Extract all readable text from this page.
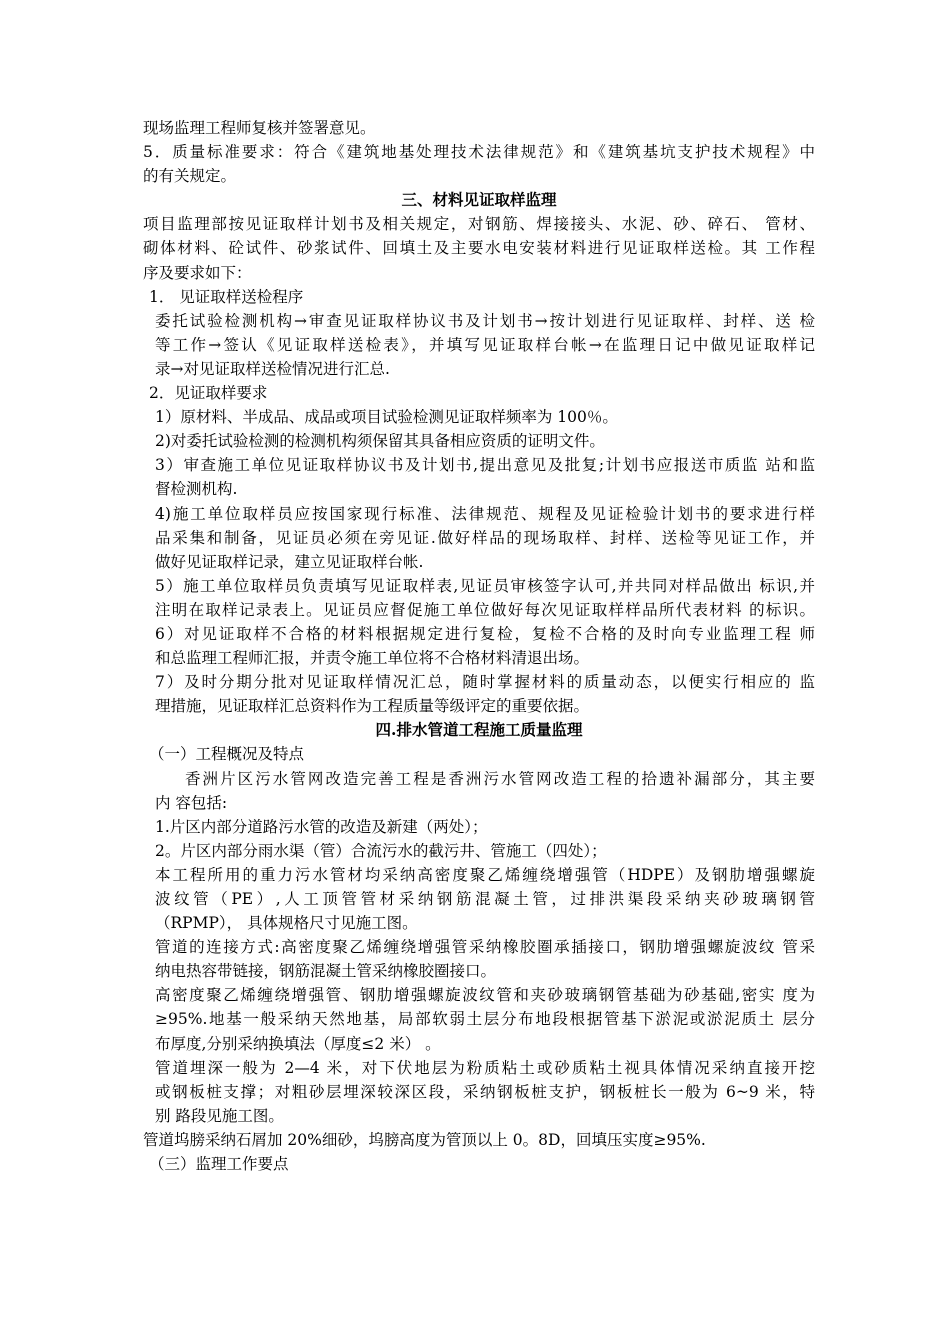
现场监理工程师复核并签署意见。
5．质量标准要求：符合《建筑地基处理技术法律规范》和《建筑基坑支护技术规程》中
的有关规定。
三、材料见证取样监理
项目监理部按见证取样计划书及相关规定，对钢筋、焊接接头、水泥、砂、碎石、 管材、
砌体材料、砼试件、砂浆试件、回填土及主要水电安装材料进行见证取样送检。其 工作程
序及要求如下：
1． 见证取样送检程序
委托试验检测机构→审查见证取样协议书及计划书→按计划进行见证取样、封样、送 检
等工作→签认《见证取样送检表》，并填写见证取样台帐→在监理日记中做见证取样记
录→对见证取样送检情况进行汇总.
2．见证取样要求
1）原材料、半成品、成品或项目试验检测见证取样频率为 100％。
2)对委托试验检测的检测机构须保留其具备相应资质的证明文件。
3）审查施工单位见证取样协议书及计划书,提出意见及批复;计划书应报送市质监 站和监
督检测机构.
4)施工单位取样员应按国家现行标准、法律规范、规程及见证检验计划书的要求进行样
品采集和制备，见证员必须在旁见证.做好样品的现场取样、封样、送检等见证工作，并
做好见证取样记录，建立见证取样台帐.
5）施工单位取样员负责填写见证取样表,见证员审核签字认可,并共同对样品做出 标识,并
注明在取样记录表上。见证员应督促施工单位做好每次见证取样样品所代表材料 的标识。
6）对见证取样不合格的材料根据规定进行复检，复检不合格的及时向专业监理工程 师
和总监理工程师汇报，并责令施工单位将不合格材料清退出场。
7）及时分期分批对见证取样情况汇总，随时掌握材料的质量动态，以便实行相应的 监
理措施，见证取样汇总资料作为工程质量等级评定的重要依据。
四.排水管道工程施工质量监理
（一）工程概况及特点
香洲片区污水管网改造完善工程是香洲污水管网改造工程的拾遗补漏部分，其主要
内 容包括:
1.片区内部分道路污水管的改造及新建（两处）；
2。片区内部分雨水渠（管）合流污水的截污井、管施工（四处）；
本工程所用的重力污水管材均采纳高密度聚乙烯缠绕增强管（HDPE）及钢肋增强螺旋
波纹管（PE）,人工顶管管材采纳钢筋混凝土管，过排洪渠段采纳夹砂玻璃钢管
（RPMP）， 具体规格尺寸见施工图。
管道的连接方式:高密度聚乙烯缠绕增强管采纳橡胶圈承插接口，钢肋增强螺旋波纹 管采
纳电热容带链接，钢筋混凝土管采纳橡胶圈接口。
高密度聚乙烯缠绕增强管、钢肋增强螺旋波纹管和夹砂玻璃钢管基础为砂基础,密实 度为
≥95%.地基一般采纳天然地基，局部软弱土层分布地段根据管基下淤泥或淤泥质土 层分
布厚度,分别采纳换填法（厚度≤2 米） 。
管道埋深一般为 2—4 米，对下伏地层为粉质粘土或砂质粘土视具体情况采纳直接开挖
或钢板桩支撑；对粗砂层埋深较深区段，采纳钢板桩支护，钢板桩长一般为 6~9 米，特
别 路段见施工图。
管道坞膀采纳石屑加 20%细砂，坞膀高度为管顶以上 0。8D，回填压实度≥95%.
（三）监理工作要点
